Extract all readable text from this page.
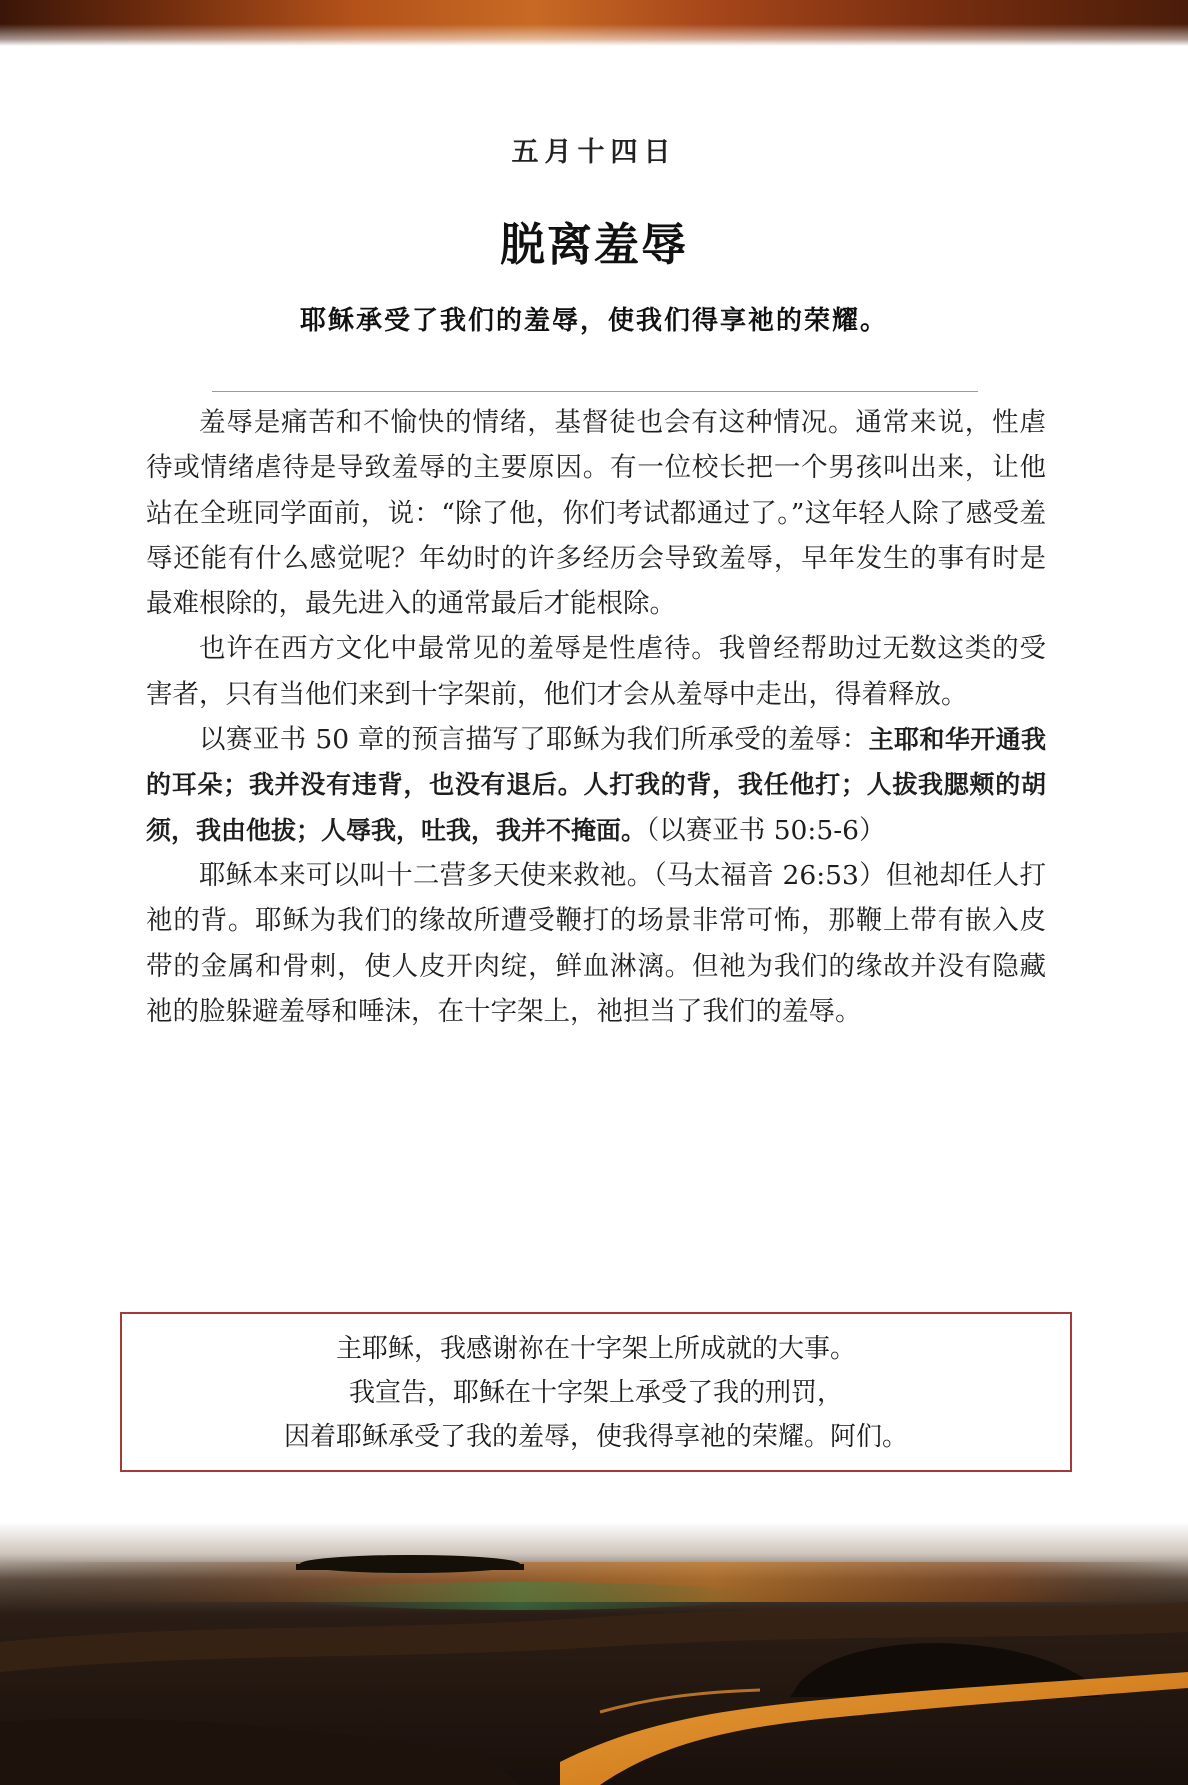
五月十四日
脱离羞辱
耶稣承受了我们的羞辱，使我们得享祂的荣耀。

羞辱是痛苦和不愉快的情绪，基督徒也会有这种情况。通常来说，性虐待或情绪虐待是导致羞辱的主要原因。有一位校长把一个男孩叫出来，让他站在全班同学面前，说：“除了他，你们考试都通过了。”这年轻人除了感受羞辱还能有什么感觉呢？年幼时的许多经历会导致羞辱，早年发生的事有时是最难根除的，最先进入的通常最后才能根除。

也许在西方文化中最常见的羞辱是性虐待。我曾经帮助过无数这类的受害者，只有当他们来到十字架前，他们才会从羞辱中走出，得着释放。

以赛亚书 50 章的预言描写了耶稣为我们所承受的羞辱：主耶和华开通我的耳朵；我并没有违背，也没有退后。人打我的背，我任他打；人拔我腮颊的胡须，我由他拔；人辱我，吐我，我并不掩面。（以赛亚书 50:5-6）

耶稣本来可以叫十二营多天使来救祂。（马太福音 26:53）但祂却任人打祂的背。耶稣为我们的缘故所遭受鞭打的场景非常可怖，那鞭上带有嵌入皮带的金属和骨刺，使人皮开肉绽，鲜血淋漓。但祂为我们的缘故并没有隐藏祂的脸躲避羞辱和唾沫，在十字架上，祂担当了我们的羞辱。

主耶稣，我感谢祢在十字架上所成就的大事。
我宣告，耶稣在十字架上承受了我的刑罚，
因着耶稣承受了我的羞辱，使我得享祂的荣耀。阿们。
